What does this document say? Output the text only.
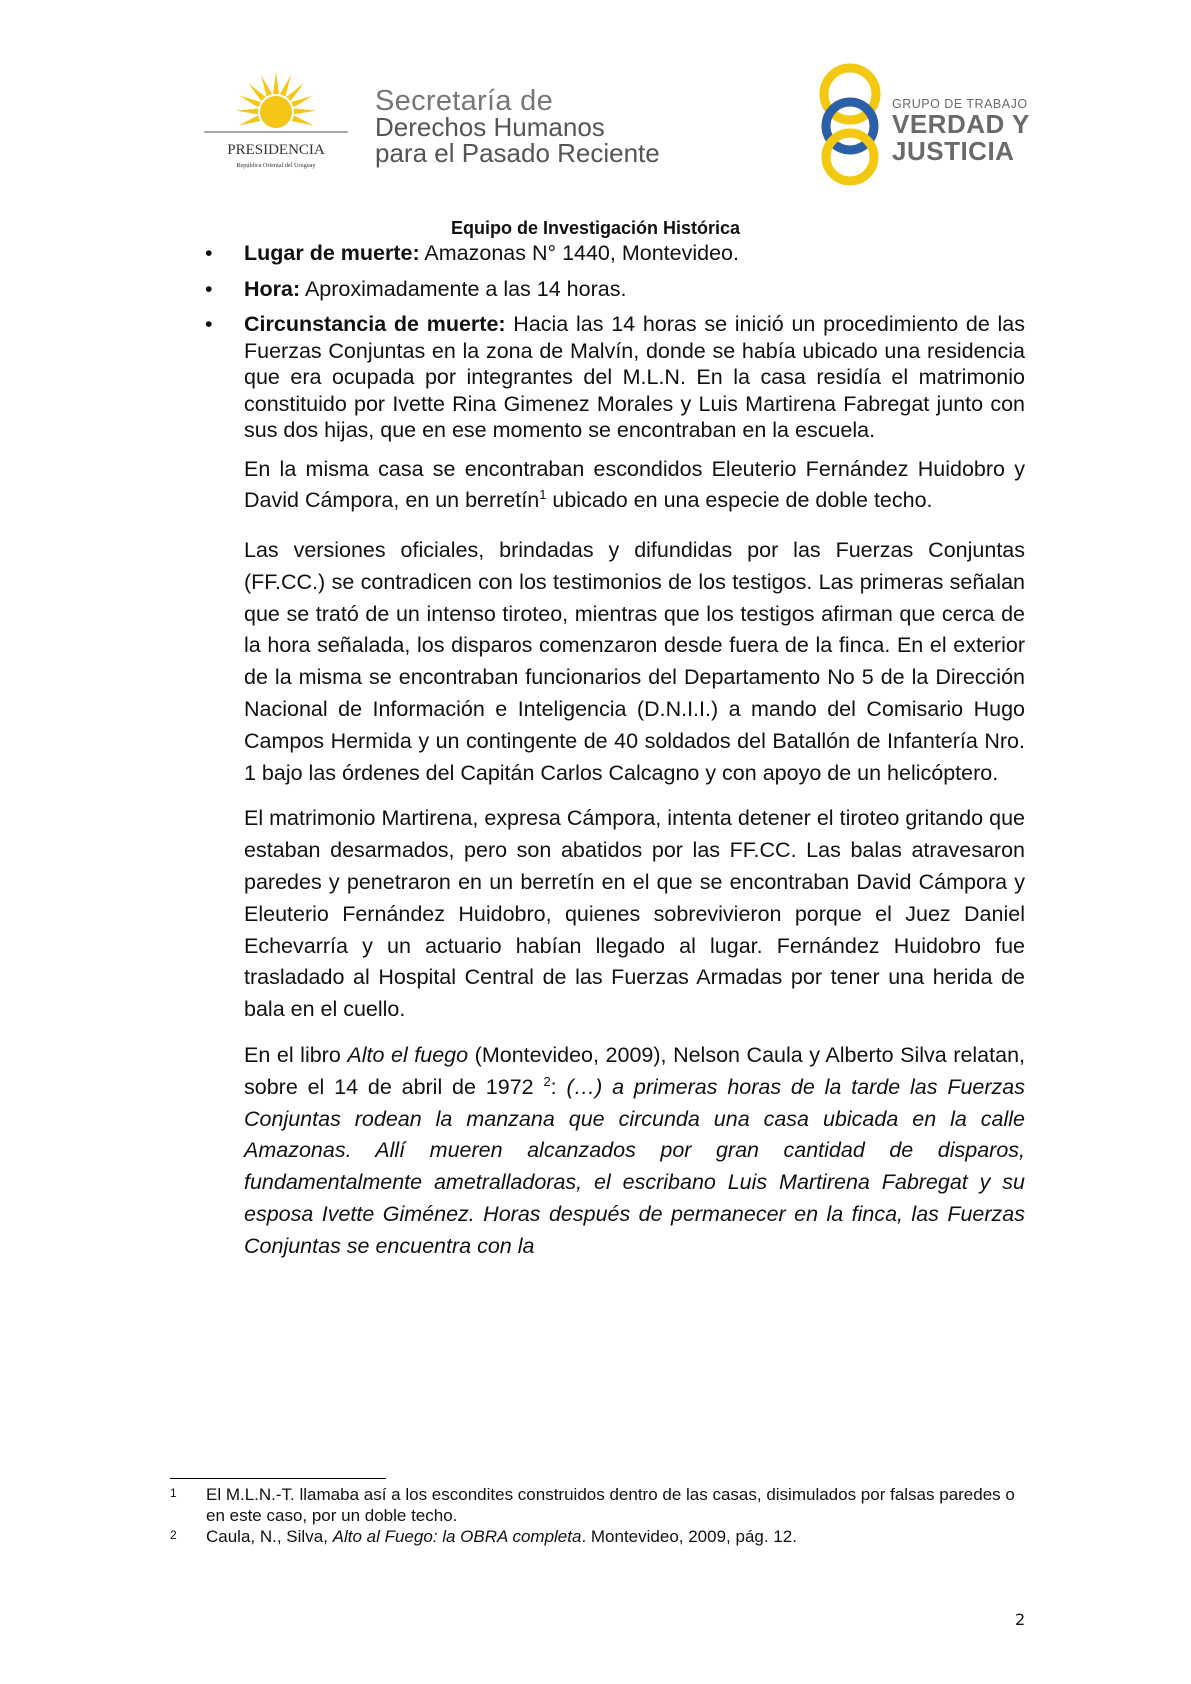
PRESIDENCIA
República Oriental del Uruguay
Secretaría de
Derechos Humanos
para el Pasado Reciente
GRUPO DE TRABAJO
VERDAD Y
JUSTICIA
Equipo de Investigación Histórica
• Lugar de muerte: Amazonas N° 1440, Montevideo.
• Hora: Aproximadamente a las 14 horas.
• Circunstancia de muerte: Hacia las 14 horas se inició un procedimiento de las Fuerzas Conjuntas en la zona de Malvín, donde se había ubicado una residencia que era ocupada por integrantes del M.L.N. En la casa residía el matrimonio constituido por Ivette Rina Gimenez Morales y Luis Martirena Fabregat junto con sus dos hijas, que en ese momento se encontraban en la escuela.

En la misma casa se encontraban escondidos Eleuterio Fernández Huidobro y David Cámpora, en un berretín$^1$ ubicado en una especie de doble techo.

Las versiones oficiales, brindadas y difundidas por las Fuerzas Conjuntas (FF.CC.) se contradicen con los testimonios de los testigos. Las primeras señalan que se trató de un intenso tiroteo, mientras que los testigos afirman que cerca de la hora señalada, los disparos comenzaron desde fuera de la finca. En el exterior de la misma se encontraban funcionarios del Departamento No 5 de la Dirección Nacional de Información e Inteligencia (D.N.I.I.) a mando del Comisario Hugo Campos Hermida y un contingente de 40 soldados del Batallón de Infantería Nro. 1 bajo las órdenes del Capitán Carlos Calcagno y con apoyo de un helicóptero.

El matrimonio Martirena, expresa Cámpora, intenta detener el tiroteo gritando que estaban desarmados, pero son abatidos por las FF.CC. Las balas atravesaron paredes y penetraron en un berretín en el que se encontraban David Cámpora y Eleuterio Fernández Huidobro, quienes sobrevivieron porque el Juez Daniel Echevarría y un actuario habían llegado al lugar. Fernández Huidobro fue trasladado al Hospital Central de las Fuerzas Armadas por tener una herida de bala en el cuello.

En el libro Alto el fuego (Montevideo, 2009), Nelson Caula y Alberto Silva relatan, sobre el 14 de abril de 1972 $^2$: (…) a primeras horas de la tarde las Fuerzas Conjuntas rodean la manzana que circunda una casa ubicada en la calle Amazonas. Allí mueren alcanzados por gran cantidad de disparos, fundamentalmente ametralladoras, el escribano Luis Martirena Fabregat y su esposa Ivette Giménez. Horas después de permanecer en la finca, las Fuerzas Conjuntas se encuentra con la

1 El M.L.N.-T. llamaba así a los escondites construidos dentro de las casas, disimulados por falsas paredes o en este caso, por un doble techo.
2 Caula, N., Silva, Alto al Fuego: la OBRA completa. Montevideo, 2009, pág. 12.
2
